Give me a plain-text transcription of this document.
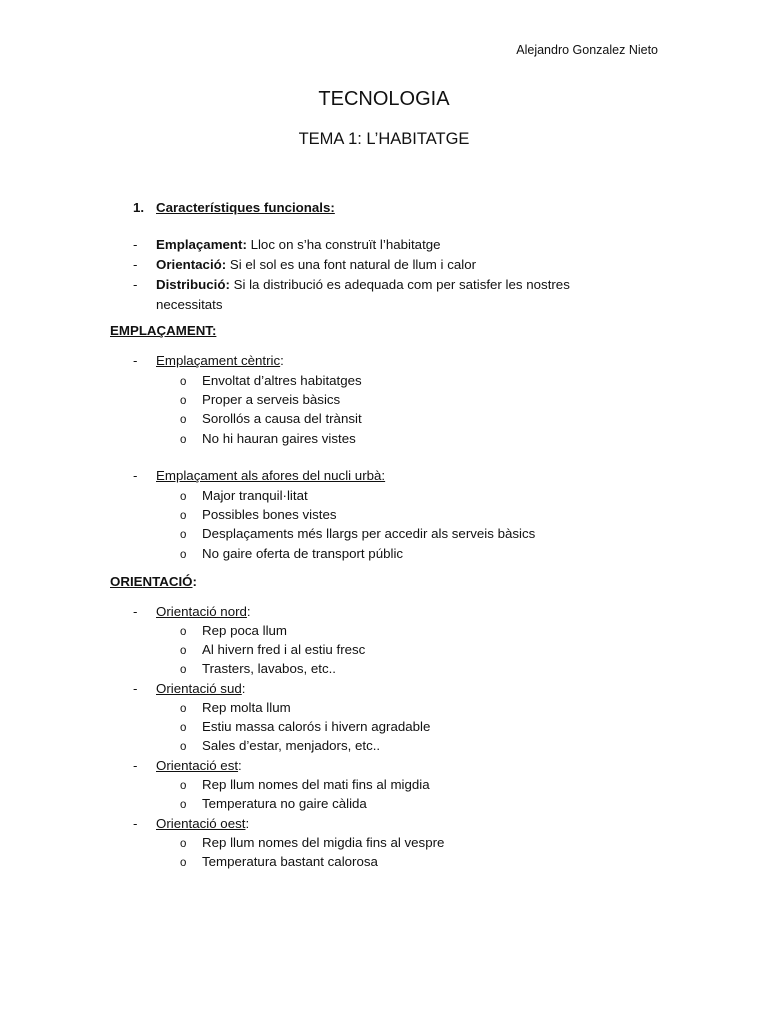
Alejandro Gonzalez Nieto
TECNOLOGIA
TEMA 1: L’HABITATGE
1. Característiques funcionals:
-	Emplaçament: Lloc on s’ha construït l’habitatge
-	Orientació: Si el sol es una font natural de llum i calor
-	Distribució: Si la distribució es adequada com per satisfer les nostres
necessitats
EMPLAÇAMENT:
-	Emplaçament cèntric:
o Envoltat d’altres habitatges
o Proper a serveis bàsics
o Sorollós a causa del trànsit
o No hi hauran gaires vistes
-	Emplaçament als afores del nucli urbà:
o Major tranquil·litat
o Possibles bones vistes
o Desplaçaments més llargs per accedir als serveis bàsics
o No gaire oferta de transport públic
ORIENTACIÓ:
-	Orientació nord:
o Rep poca llum
o Al hivern fred i al estiu fresc
o Trasters, lavabos, etc..
-	Orientació sud:
o Rep molta llum
o Estiu massa calorós i hivern agradable
o Sales d’estar, menjadors, etc..
-	Orientació est:
o Rep llum nomes del mati fins al migdia
o Temperatura no gaire càlida
-	Orientació oest:
o Rep llum nomes del migdia fins al vespre
o Temperatura bastant calorosa
